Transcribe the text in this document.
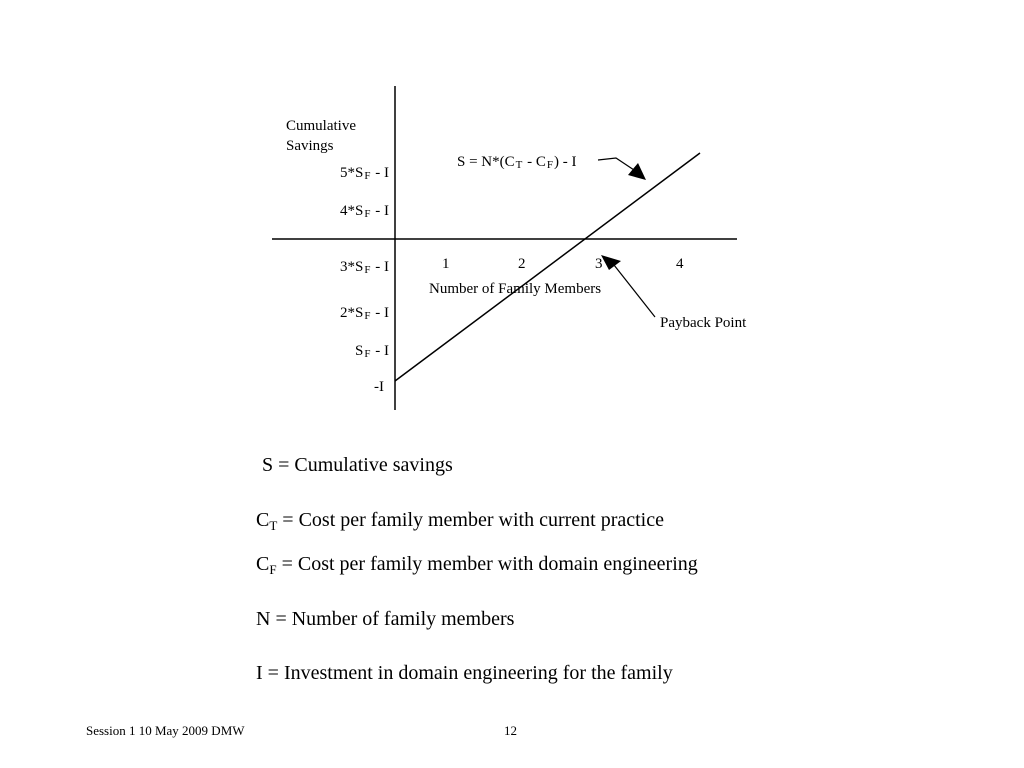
Cumulative
Savings
5*SF - I
4*SF - I
3*SF - I
2*SF - I
SF - I
-I
1	2	3	4
Number of Family Members
S = N*(CT - CF) - I
Payback Point
S = Cumulative savings
$C_T$ = Cost per family member with current practice
$C_F$ = Cost per family member with domain engineering
N = Number of family members
I = Investment in domain engineering for the family
Session 1 10 May 2009 DMW	12
